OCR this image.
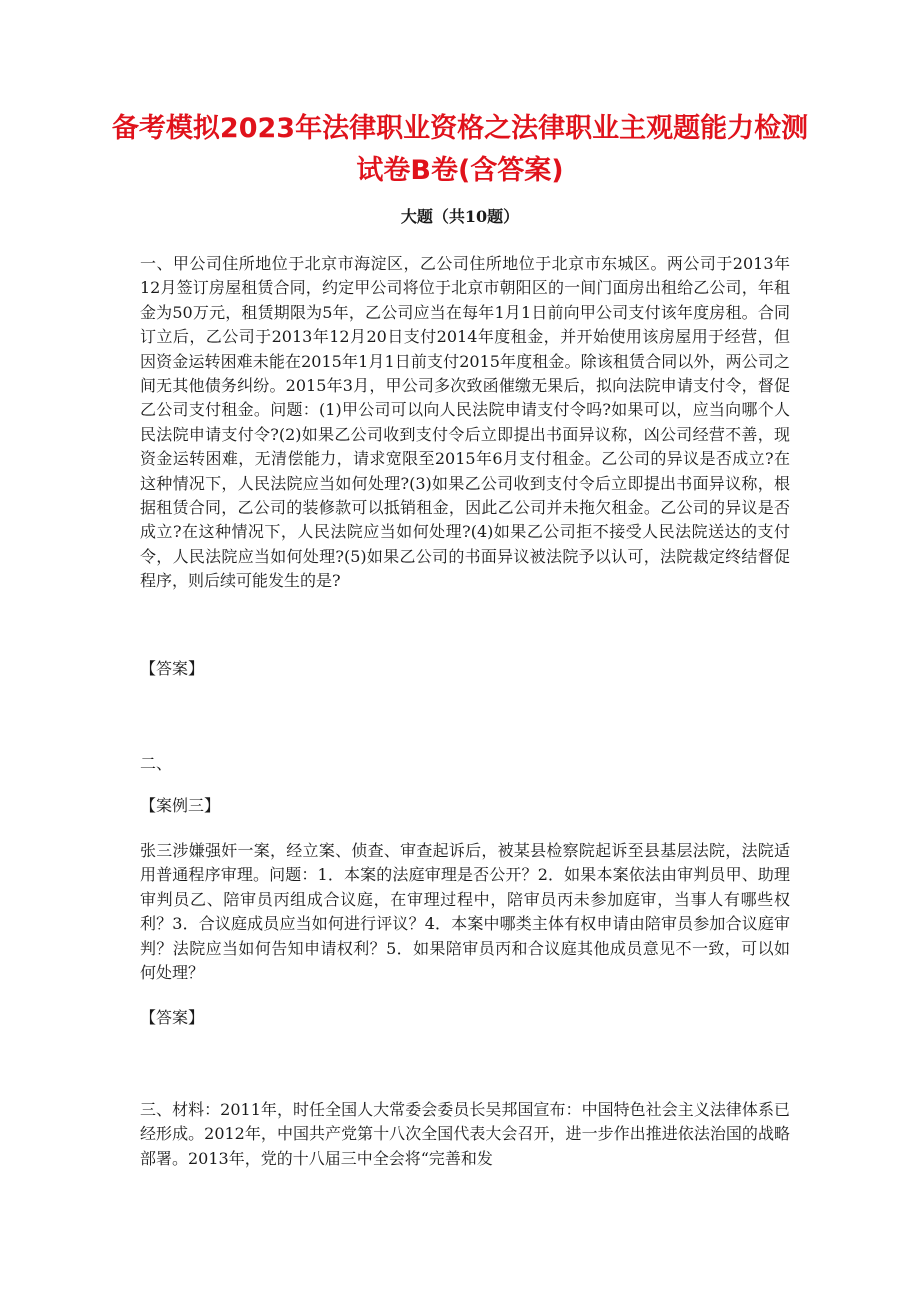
备考模拟2023年法律职业资格之法律职业主观题能力检测试卷B卷(含答案)
大题（共10题）

一、甲公司住所地位于北京市海淀区，乙公司住所地位于北京市东城区。两公司于2013年12月签订房屋租赁合同，约定甲公司将位于北京市朝阳区的一间门面房出租给乙公司，年租金为50万元，租赁期限为5年，乙公司应当在每年1月1日前向甲公司支付该年度房租。合同订立后，乙公司于2013年12月20日支付2014年度租金，并开始使用该房屋用于经营，但因资金运转困难未能在2015年1月1日前支付2015年度租金。除该租赁合同以外，两公司之间无其他债务纠纷。2015年3月，甲公司多次致函催缴无果后，拟向法院申请支付令，督促乙公司支付租金。问题：(1)甲公司可以向人民法院申请支付令吗?如果可以，应当向哪个人民法院申请支付令?(2)如果乙公司收到支付令后立即提出书面异议称，凶公司经营不善，现资金运转困难，无清偿能力，请求宽限至2015年6月支付租金。乙公司的异议是否成立?在这种情况下，人民法院应当如何处理?(3)如果乙公司收到支付令后立即提出书面异议称，根据租赁合同，乙公司的装修款可以抵销租金，因此乙公司并未拖欠租金。乙公司的异议是否成立?在这种情况下，人民法院应当如何处理?(4)如果乙公司拒不接受人民法院送达的支付令，人民法院应当如何处理?(5)如果乙公司的书面异议被法院予以认可，法院裁定终结督促程序，则后续可能发生的是?

【答案】
二、
【案例三】

张三涉嫌强奸一案，经立案、侦查、审查起诉后，被某县检察院起诉至县基层法院，法院适用普通程序审理。问题：1．本案的法庭审理是否公开？2．如果本案依法由审判员甲、助理审判员乙、陪审员丙组成合议庭，在审理过程中，陪审员丙未参加庭审，当事人有哪些权利？3．合议庭成员应当如何进行评议？4．本案中哪类主体有权申请由陪审员参加合议庭审判？法院应当如何告知申请权利？5．如果陪审员丙和合议庭其他成员意见不一致，可以如何处理？

【答案】

三、材料：2011年，时任全国人大常委会委员长吴邦国宣布：中国特色社会主义法律体系已经形成。2012年，中国共产党第十八次全国代表大会召开，进一步作出推进依法治国的战略部署。2013年，党的十八届三中全会将“完善和发
